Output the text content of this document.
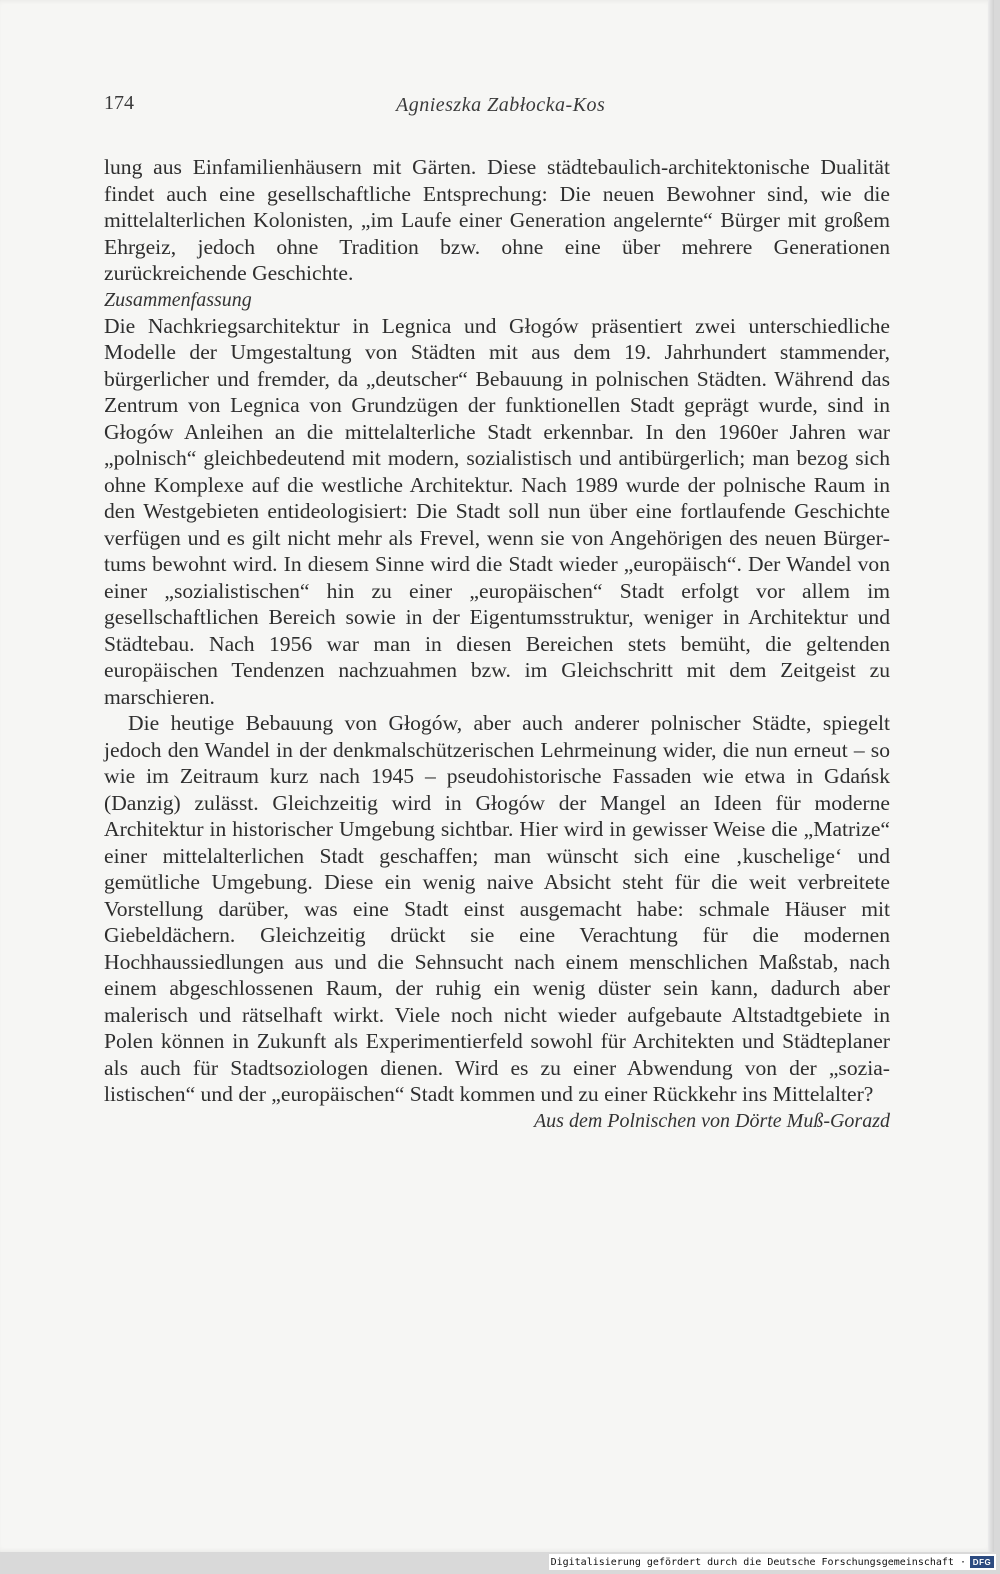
174	Agnieszka Zabłocka-Kos

lung aus Einfamilienhäusern mit Gärten. Diese städtebaulich-architektonische Dualität findet auch eine gesellschaftliche Entsprechung: Die neuen Bewohner sind, wie die mittelalterlichen Kolonisten, „im Laufe einer Generation angelernte“ Bürger mit großem Ehrgeiz, jedoch ohne Tradition bzw. ohne eine über mehrere Generationen zurückreichende Geschichte.

Zusammenfassung

Die Nachkriegsarchitektur in Legnica und Głogów präsentiert zwei unterschiedliche Modelle der Umgestaltung von Städten mit aus dem 19. Jahrhundert stammender, bürgerlicher und fremder, da „deutscher“ Bebauung in polnischen Städten. Während das Zentrum von Legnica von Grundzügen der funktionellen Stadt geprägt wurde, sind in Głogów Anleihen an die mittelalterliche Stadt erkennbar. In den 1960er Jahren war „polnisch“ gleichbedeutend mit modern, sozialistisch und antibürgerlich; man bezog sich ohne Komplexe auf die westliche Architektur. Nach 1989 wurde der polnische Raum in den Westgebieten entideologisiert: Die Stadt soll nun über eine fortlaufende Geschichte verfügen und es gilt nicht mehr als Frevel, wenn sie von Angehörigen des neuen Bürgertums bewohnt wird. In diesem Sinne wird die Stadt wieder „europäisch“. Der Wandel von einer „sozialistischen“ hin zu einer „europäischen“ Stadt erfolgt vor allem im gesellschaftlichen Bereich sowie in der Eigentumsstruktur, weniger in Architektur und Städtebau. Nach 1956 war man in diesen Bereichen stets bemüht, die geltenden europäischen Tendenzen nachzuahmen bzw. im Gleichschritt mit dem Zeitgeist zu marschieren.

Die heutige Bebauung von Głogów, aber auch anderer polnischer Städte, spiegelt jedoch den Wandel in der denkmalschützerischen Lehrmeinung wider, die nun erneut – so wie im Zeitraum kurz nach 1945 – pseudohistorische Fassaden wie etwa in Gdańsk (Danzig) zulässt. Gleichzeitig wird in Głogów der Mangel an Ideen für moderne Architektur in historischer Umgebung sichtbar. Hier wird in gewisser Weise die „Matrize“ einer mittelalterlichen Stadt geschaffen; man wünscht sich eine ‚kuschelige‘ und gemütliche Umgebung. Diese ein wenig naive Absicht steht für die weit verbreitete Vorstellung darüber, was eine Stadt einst ausgemacht habe: schmale Häuser mit Giebeldächern. Gleichzeitig drückt sie eine Verachtung für die modernen Hochhaussiedlungen aus und die Sehnsucht nach einem menschlichen Maßstab, nach einem abgeschlossenen Raum, der ruhig ein wenig düster sein kann, dadurch aber malerisch und rätselhaft wirkt. Viele noch nicht wieder aufgebaute Altstadtgebiete in Polen können in Zukunft als Experimentierfeld sowohl für Architekten und Städteplaner als auch für Stadtsoziologen dienen. Wird es zu einer Abwendung von der „sozialistischen“ und der „europäischen“ Stadt kommen und zu einer Rückkehr ins Mittelalter?

Aus dem Polnischen von Dörte Muß-Gorazd

Digitalisierung gefördert durch die Deutsche Forschungsgemeinschaft · DFG
